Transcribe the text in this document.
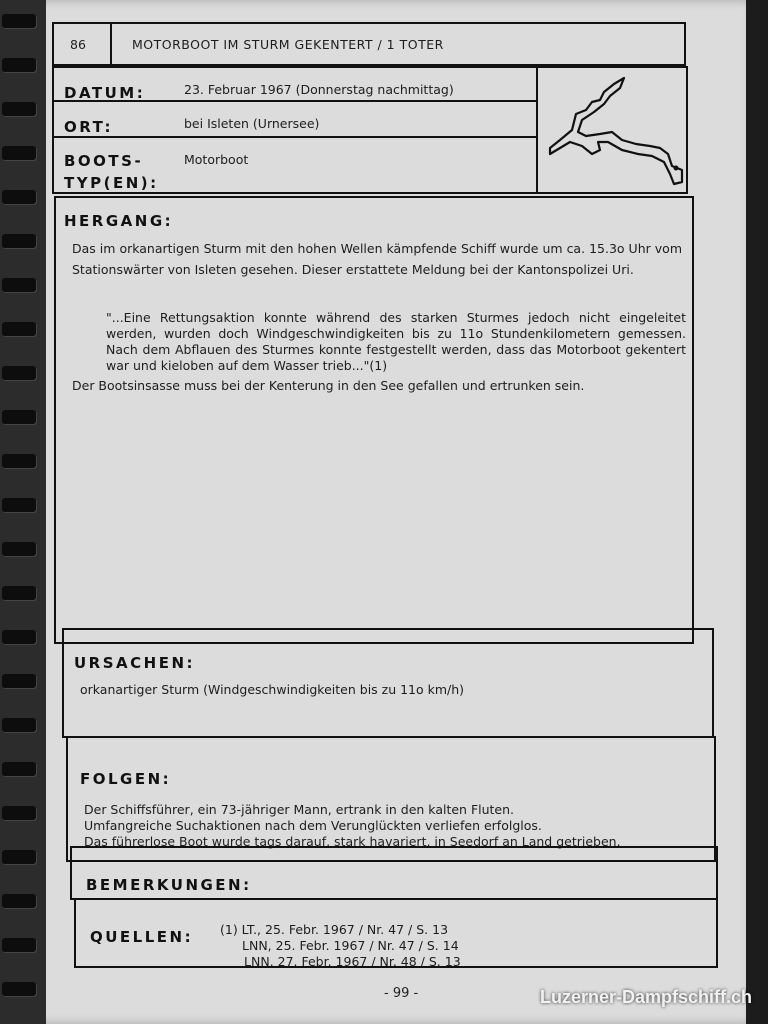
86	MOTORBOOT IM STURM GEKENTERT / 1 TOTER
DATUM:	23. Februar 1967 (Donnerstag nachmittag)
ORT:	bei Isleten (Urnersee)
BOOTS-
TYP(EN):
Motorboot
HERGANG:
Das im orkanartigen Sturm mit den hohen Wellen kämpfende Schiff wurde um ca. 15.3o Uhr vom Stationswärter von Isleten gesehen. Dieser erstattete Meldung bei der Kantonspolizei Uri.
"...Eine Rettungsaktion konnte während des starken Sturmes jedoch nicht eingeleitet werden, wurden doch Windgeschwindigkeiten bis zu 11o Stundenkilometern gemessen. Nach dem Abflauen des Sturmes konnte festgestellt werden, dass das Motorboot gekentert war und kieloben auf dem Wasser trieb..."(1)
Der Bootsinsasse muss bei der Kenterung in den See gefallen und ertrunken sein.
URSACHEN:
orkanartiger Sturm (Windgeschwindigkeiten bis zu 11o km/h)
FOLGEN:
Der Schiffsführer, ein 73-jähriger Mann, ertrank in den kalten Fluten.
Umfangreiche Suchaktionen nach dem Verunglückten verliefen erfolglos.
Das führerlose Boot wurde tags darauf, stark havariert, in Seedorf an Land getrieben.
BEMERKUNGEN:
QUELLEN: (1) LT., 25. Febr. 1967 / Nr. 47 / S. 13
LNN, 25. Febr. 1967 / Nr. 47 / S. 14
LNN, 27. Febr. 1967 / Nr. 48 / S. 13
- 99 -	Luzerner-Dampfschiff.ch
